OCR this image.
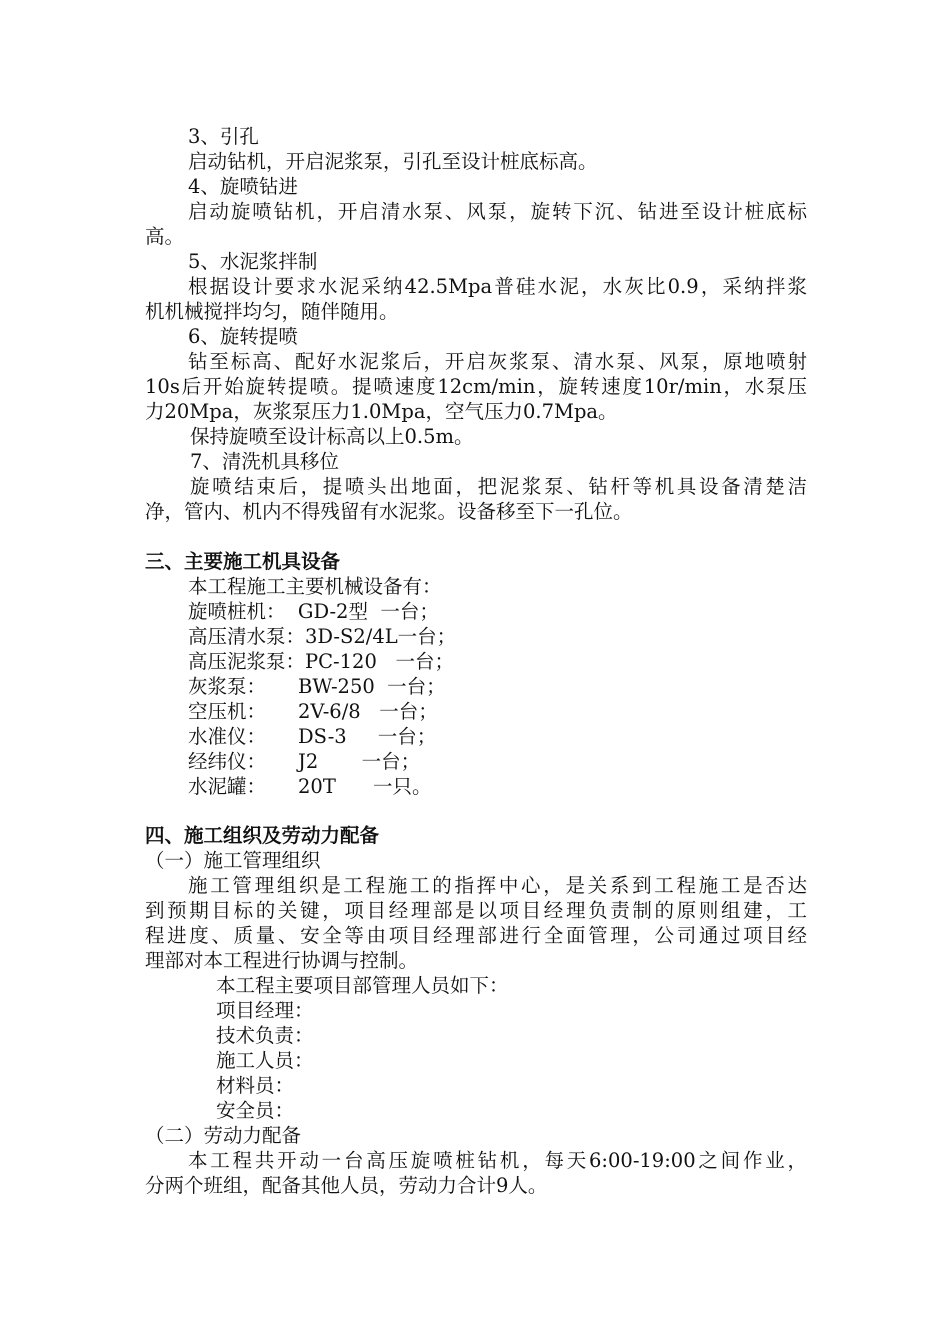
3、引孔
启动钻机，开启泥浆泵，引孔至设计桩底标高。
4、旋喷钻进
启动旋喷钻机，开启清水泵、风泵，旋转下沉、钻进至设计桩底标
高。
5、水泥浆拌制
根据设计要求水泥采纳42.5Mpa普硅水泥，水灰比0.9，采纳拌浆
机机械搅拌均匀，随伴随用。
6、旋转提喷
钻至标高、配好水泥浆后，开启灰浆泵、清水泵、风泵，原地喷射
10s后开始旋转提喷。提喷速度12cm/min，旋转速度10r/min，水泵压
力20Mpa，灰浆泵压力1.0Mpa，空气压力0.7Mpa。
保持旋喷至设计标高以上0.5m。
7、清洗机具移位
旋喷结束后，提喷头出地面，把泥浆泵、钻杆等机具设备清楚洁
净，管内、机内不得残留有水泥浆。设备移至下一孔位。
三、主要施工机具设备
本工程施工主要机械设备有：
旋喷桩机：  GD-2型  一台；
高压清水泵：3D-S2/4L一台；
高压泥浆泵：PC-120   一台；

灰浆泵：

BW-250  一台；

空压机：

2V-6/8   一台；

水准仪：

DS-3     一台；

经纬仪：

J2       一台；

水泥罐：

20T      一只。

四、施工组织及劳动力配备
（一）施工管理组织
施工管理组织是工程施工的指挥中心，是关系到工程施工是否达
到预期目标的关键，项目经理部是以项目经理负责制的原则组建，工
程进度、质量、安全等由项目经理部进行全面管理，公司通过项目经
理部对本工程进行协调与控制。
本工程主要项目部管理人员如下：
项目经理：
技术负责：
施工人员：
材料员：
安全员：
（二）劳动力配备
本工程共开动一台高压旋喷桩钻机，每天6:00-19:00之间作业，
分两个班组，配备其他人员，劳动力合计9人。
